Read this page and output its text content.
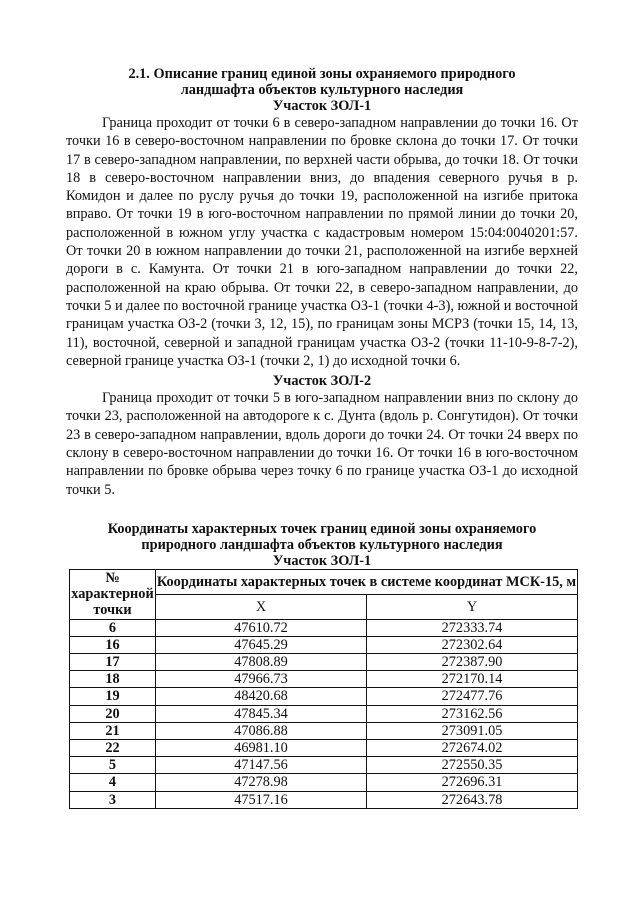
2.1. Описание границ единой зоны охраняемого природного
ландшафта объектов культурного наследия
Участок ЗОЛ-1

Граница проходит от точки 6 в северо-западном направлении до точки 16. От точки 16 в северо-восточном направлении по бровке склона до точки 17. От точки 17 в северо-западном направлении, по верхней части обрыва, до точки 18. От точки 18 в северо-восточном направлении вниз, до впадения северного ручья в р. Комидон и далее по руслу ручья до точки 19, расположенной на изгибе притока вправо. От точки 19 в юго-восточном направлении по прямой линии до точки 20, расположенной в южном углу участка с кадастровым номером 15:04:0040201:57. От точки 20 в южном направлении до точки 21, расположенной на изгибе верхней дороги в с. Камунта. От точки 21 в юго-западном направлении до точки 22, расположенной на краю обрыва. От точки 22, в северо-западном направлении, до точки 5 и далее по восточной границе участка ОЗ-1 (точки 4-3), южной и восточной границам участка ОЗ-2 (точки 3, 12, 15), по границам зоны МСРЗ (точки 15, 14, 13, 11), восточной, северной и западной границам участка ОЗ-2 (точки 11-10-9-8-7-2), северной границе участка ОЗ-1 (точки 2, 1) до исходной точки 6.

Участок ЗОЛ-2

Граница проходит от точки 5 в юго-западном направлении вниз по склону до точки 23, расположенной на автодороге к с. Дунта (вдоль р. Сонгутидон). От точки 23 в северо-западном направлении, вдоль дороги до точки 24. От точки 24 вверх по склону в северо-восточном направлении до точки 16. От точки 16 в юго-восточном направлении по бровке обрыва через точку 6 по границе участка ОЗ-1 до исходной точки 5.

Координаты характерных точек границ единой зоны охраняемого
природного ландшафта объектов культурного наследия
Участок ЗОЛ-1
№ характерной точки	Координаты характерных точек в системе координат МСК-15, м	
	X	Y
6	47610.72	272333.74
16	47645.29	272302.64
17	47808.89	272387.90
18	47966.73	272170.14
19	48420.68	272477.76
20	47845.34	273162.56
21	47086.88	273091.05
22	46981.10	272674.02
5	47147.56	272550.35
4	47278.98	272696.31
3	47517.16	272643.78
